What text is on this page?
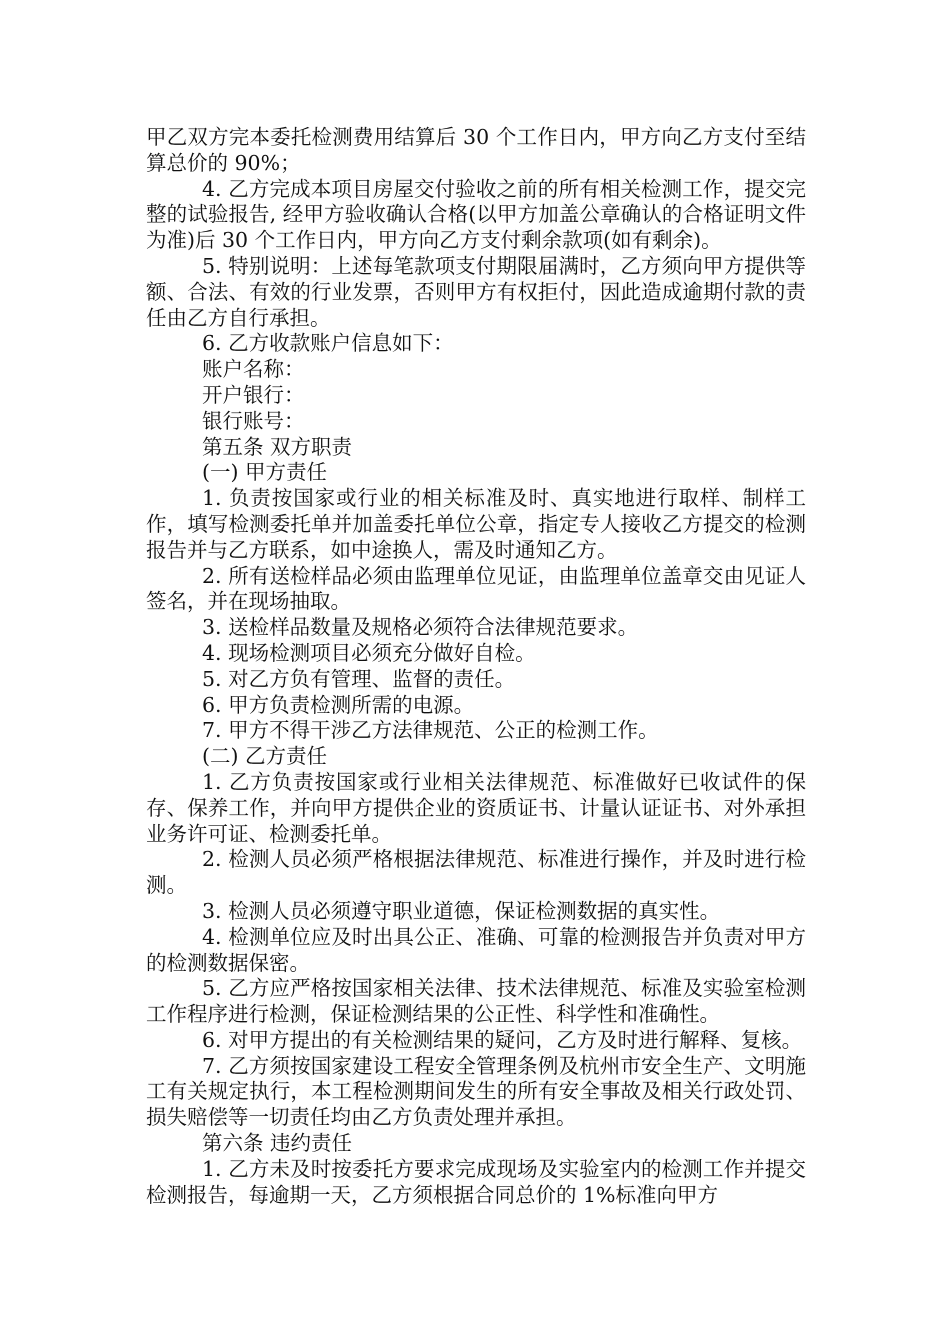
甲乙双方完本委托检测费用结算后 30 个工作日内，甲方向乙方支付至结算总价的 90%；

4. 乙方完成本项目房屋交付验收之前的所有相关检测工作，提交完整的试验报告, 经甲方验收确认合格(以甲方加盖公章确认的合格证明文件为准)后 30 个工作日内，甲方向乙方支付剩余款项(如有剩余)。

5. 特别说明：上述每笔款项支付期限届满时，乙方须向甲方提供等额、合法、有效的行业发票，否则甲方有权拒付，因此造成逾期付款的责任由乙方自行承担。

6. 乙方收款账户信息如下：

账户名称：

开户银行：

银行账号：

第五条 双方职责

(一) 甲方责任

1. 负责按国家或行业的相关标准及时、真实地进行取样、制样工作，填写检测委托单并加盖委托单位公章，指定专人接收乙方提交的检测报告并与乙方联系，如中途换人，需及时通知乙方。

2. 所有送检样品必须由监理单位见证，由监理单位盖章交由见证人签名，并在现场抽取。

3. 送检样品数量及规格必须符合法律规范要求。

4. 现场检测项目必须充分做好自检。

5. 对乙方负有管理、监督的责任。

6. 甲方负责检测所需的电源。

7. 甲方不得干涉乙方法律规范、公正的检测工作。

(二) 乙方责任

1. 乙方负责按国家或行业相关法律规范、标准做好已收试件的保存、保养工作，并向甲方提供企业的资质证书、计量认证证书、对外承担业务许可证、检测委托单。

2. 检测人员必须严格根据法律规范、标准进行操作，并及时进行检测。

3. 检测人员必须遵守职业道德，保证检测数据的真实性。

4. 检测单位应及时出具公正、准确、可靠的检测报告并负责对甲方的检测数据保密。

5. 乙方应严格按国家相关法律、技术法律规范、标准及实验室检测工作程序进行检测，保证检测结果的公正性、科学性和准确性。

6. 对甲方提出的有关检测结果的疑问，乙方及时进行解释、复核。

7. 乙方须按国家建设工程安全管理条例及杭州市安全生产、文明施工有关规定执行，本工程检测期间发生的所有安全事故及相关行政处罚、损失赔偿等一切责任均由乙方负责处理并承担。

第六条 违约责任

1. 乙方未及时按委托方要求完成现场及实验室内的检测工作并提交检测报告，每逾期一天，乙方须根据合同总价的 1%标准向甲方
